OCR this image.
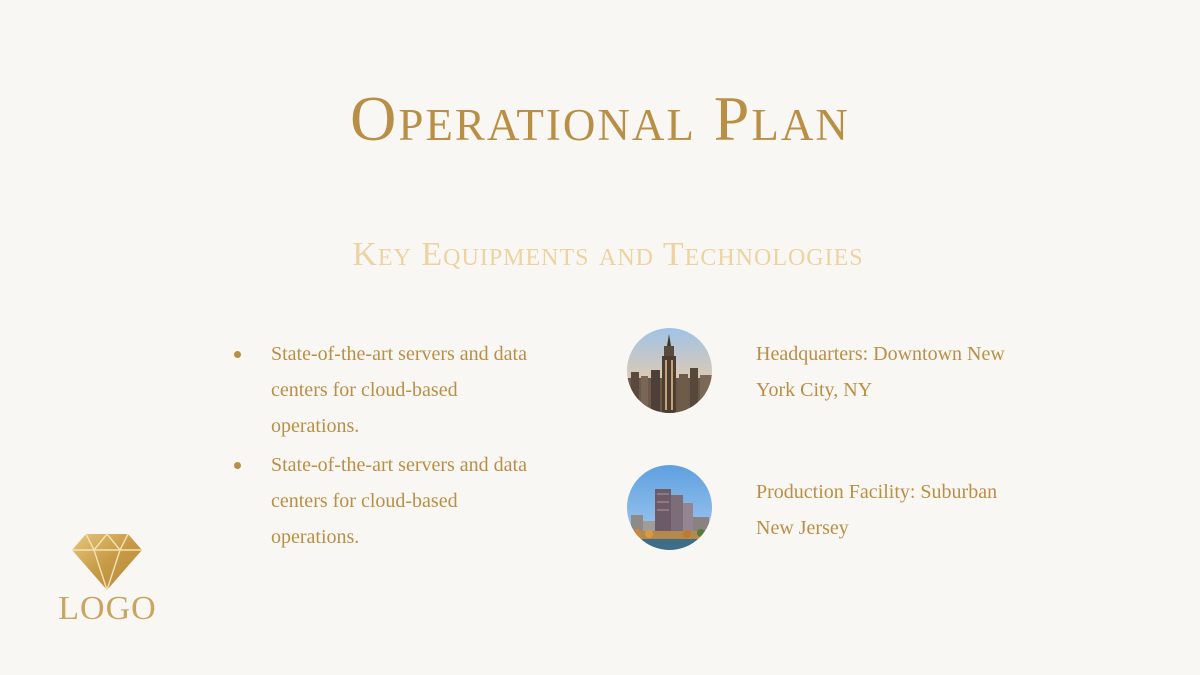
Operational Plan
Key Equipments and Technologies
State-of-the-art servers and data centers for cloud-based operations.
State-of-the-art servers and data centers for cloud-based operations.
Headquarters: Downtown New York City, NY
Production Facility: Suburban New Jersey
LOGO
